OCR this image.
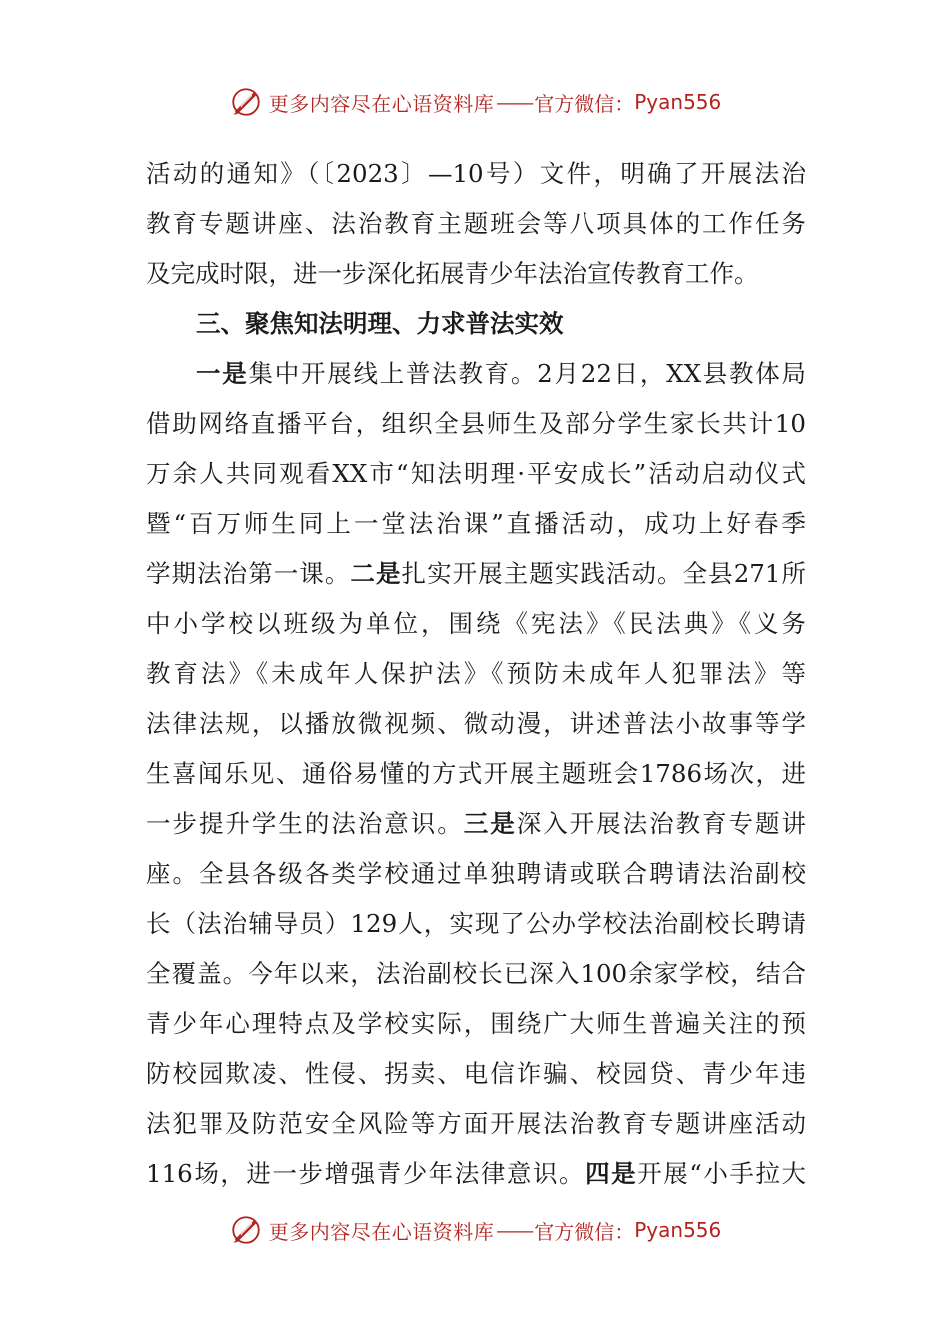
更多内容尽在心语资料库 —— 官方微信： Pyan556
活动的通知》（〔2023〕—10号）文件，明确了开展法治
教育专题讲座、法治教育主题班会等八项具体的工作任务
及完成时限，进一步深化拓展青少年法治宣传教育工作。
三、聚焦知法明理、力求普法实效
一是集中开展线上普法教育。2月22日，XX县教体局
借助网络直播平台，组织全县师生及部分学生家长共计10
万余人共同观看XX市“知法明理·平安成长”活动启动仪式
暨“百万师生同上一堂法治课”直播活动，成功上好春季
学期法治第一课。二是扎实开展主题实践活动。全县271所
中小学校以班级为单位，围绕《宪法》《民法典》《义务
教育法》《未成年人保护法》《预防未成年人犯罪法》等
法律法规，以播放微视频、微动漫，讲述普法小故事等学
生喜闻乐见、通俗易懂的方式开展主题班会1786场次，进
一步提升学生的法治意识。三是深入开展法治教育专题讲
座。全县各级各类学校通过单独聘请或联合聘请法治副校
长（法治辅导员）129人，实现了公办学校法治副校长聘请
全覆盖。今年以来，法治副校长已深入100余家学校，结合
青少年心理特点及学校实际，围绕广大师生普遍关注的预
防校园欺凌、性侵、拐卖、电信诈骗、校园贷、青少年违
法犯罪及防范安全风险等方面开展法治教育专题讲座活动
116场，进一步增强青少年法律意识。四是开展“小手拉大
更多内容尽在心语资料库 —— 官方微信： Pyan556
